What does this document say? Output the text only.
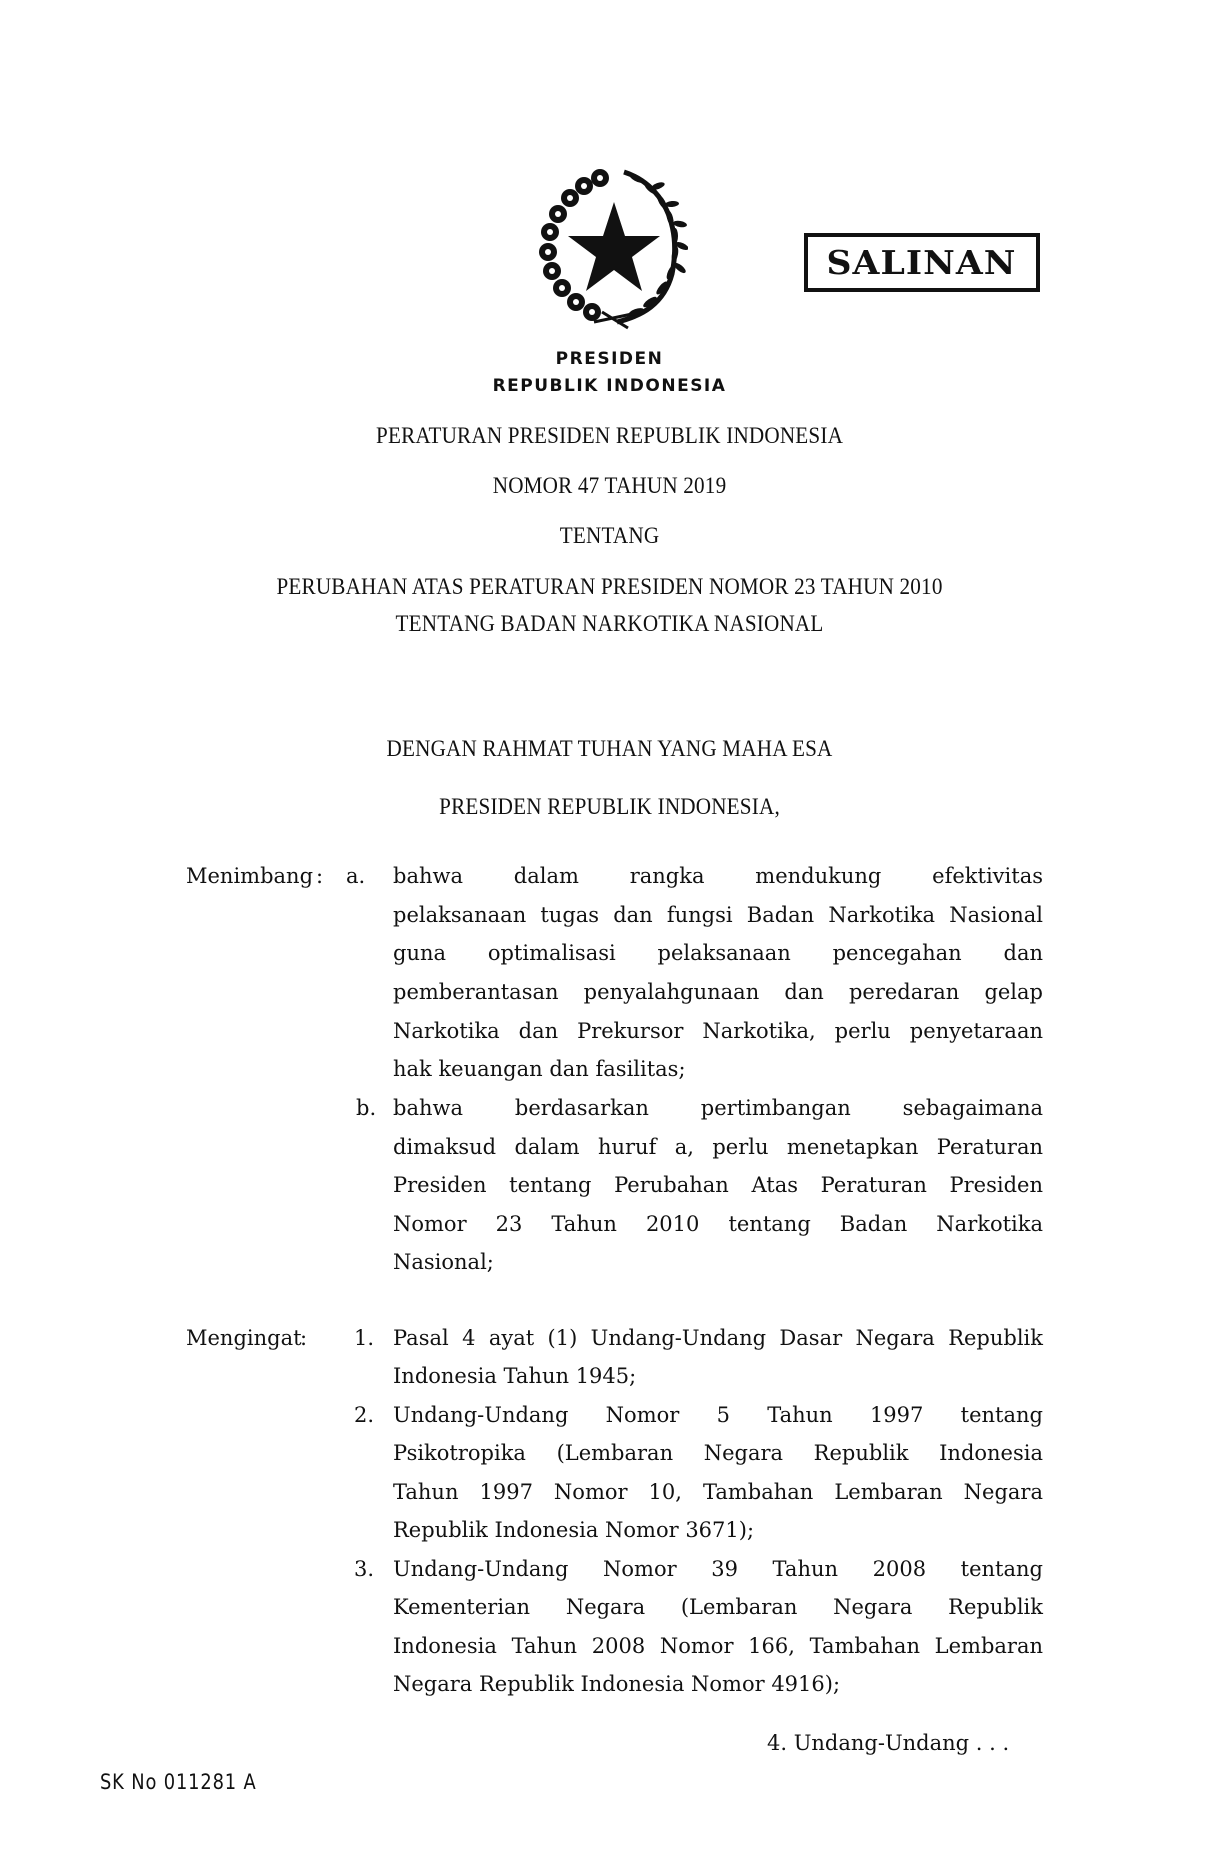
SALINAN
PRESIDEN
REPUBLIK INDONESIA
PERATURAN PRESIDEN REPUBLIK INDONESIA
NOMOR 47 TAHUN 2019
TENTANG
PERUBAHAN ATAS PERATURAN PRESIDEN NOMOR 23 TAHUN 2010
TENTANG BADAN NARKOTIKA NASIONAL
DENGAN RAHMAT TUHAN YANG MAHA ESA
PRESIDEN REPUBLIK INDONESIA,
Menimbang : a. bahwa dalam rangka mendukung efektivitas
pelaksanaan tugas dan fungsi Badan Narkotika Nasional
guna optimalisasi pelaksanaan pencegahan dan
pemberantasan penyalahgunaan dan peredaran gelap
Narkotika dan Prekursor Narkotika, perlu penyetaraan
hak keuangan dan fasilitas;
b. bahwa berdasarkan pertimbangan sebagaimana
dimaksud dalam huruf a, perlu menetapkan Peraturan
Presiden tentang Perubahan Atas Peraturan Presiden
Nomor 23 Tahun 2010 tentang Badan Narkotika
Nasional;
Mengingat
: 1. Pasal 4 ayat (1) Undang-Undang Dasar Negara Republik
Indonesia Tahun 1945;
2. Undang-Undang Nomor 5 Tahun 1997 tentang
Psikotropika (Lembaran Negara Republik Indonesia
Tahun 1997 Nomor 10, Tambahan Lembaran Negara
Republik Indonesia Nomor 3671);
3. Undang-Undang Nomor 39 Tahun 2008 tentang
Kementerian Negara (Lembaran Negara Republik
Indonesia Tahun 2008 Nomor 166, Tambahan Lembaran
Negara Republik Indonesia Nomor 4916);
4. Undang-Undang . . .
SK No 011281 A
